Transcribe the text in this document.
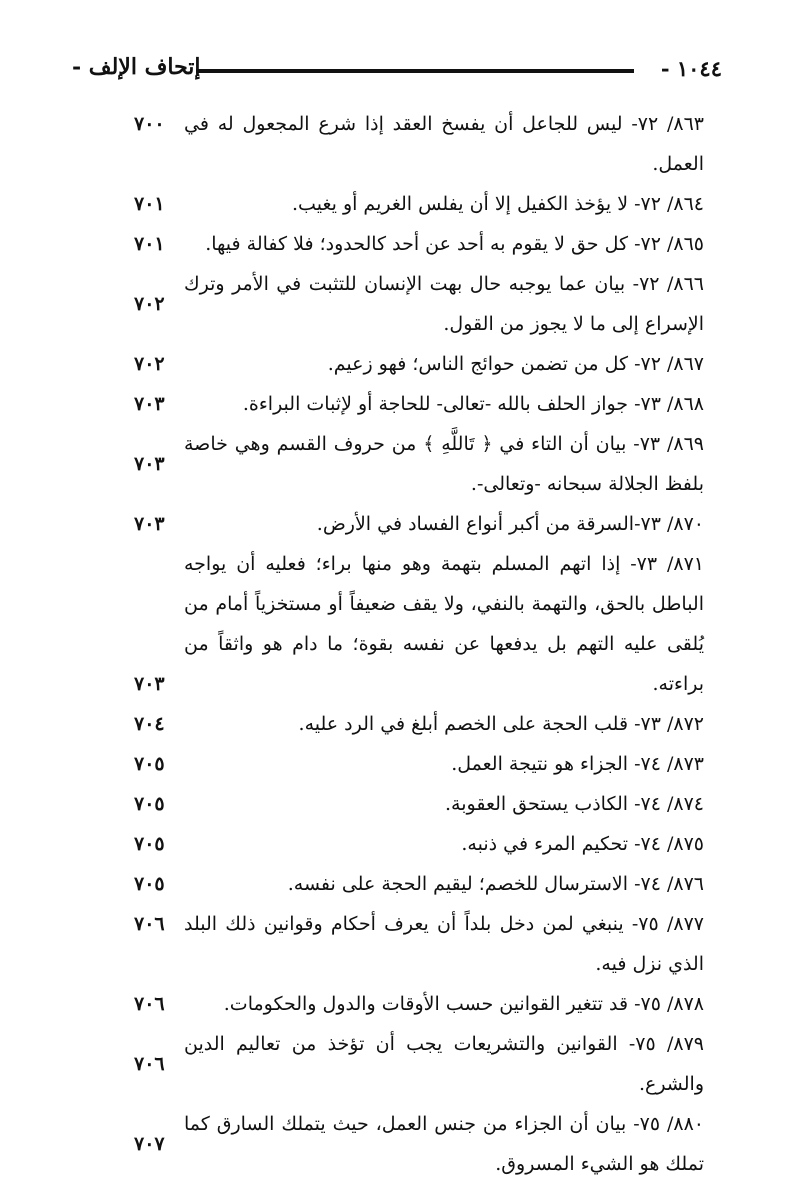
١٠٤٤ -
إتحاف الإلف -
٨٦٣/ ٧٢- ليس للجاعل أن يفسخ العقد إذا شرع المجعول له في العمل.
٧٠٠
٨٦٤/ ٧٢- لا يؤخذ الكفيل إلا أن يفلس الغريم أو يغيب.
٧٠١
٨٦٥/ ٧٢- كل حق لا يقوم به أحد عن أحد كالحدود؛ فلا كفالة فيها.
٧٠١
٨٦٦/ ٧٢- بيان عما يوجبه حال بهت الإنسان للتثبت في الأمر وترك الإسراع إلى ما لا يجوز من القول.
٧٠٢
٨٦٧/ ٧٢- كل من تضمن حوائج الناس؛ فهو زعيم.
٧٠٢
٨٦٨/ ٧٣- جواز الحلف بالله -تعالى- للحاجة أو لإثبات البراءة.
٧٠٣
٨٦٩/ ٧٣- بيان أن التاء في ﴿ تَاللَّهِ ﴾ من حروف القسم وهي خاصة بلفظ الجلالة سبحانه -وتعالى-.
٧٠٣
٨٧٠/ ٧٣-السرقة من أكبر أنواع الفساد في الأرض.
٧٠٣
٨٧١/ ٧٣- إذا اتهم المسلم بتهمة وهو منها براء؛ فعليه أن يواجه الباطل بالحق، والتهمة بالنفي، ولا يقف ضعيفاً أو مستخزياً أمام من يُلقى عليه التهم بل يدفعها عن نفسه بقوة؛ ما دام هو واثقاً من براءته.
٧٠٣
٨٧٢/ ٧٣- قلب الحجة على الخصم أبلغ في الرد عليه.
٧٠٤
٨٧٣/ ٧٤- الجزاء هو نتيجة العمل.
٧٠٥
٨٧٤/ ٧٤- الكاذب يستحق العقوبة.
٧٠٥
٨٧٥/ ٧٤- تحكيم المرء في ذنبه.
٧٠٥
٨٧٦/ ٧٤- الاسترسال للخصم؛ ليقيم الحجة على نفسه.
٧٠٥
٨٧٧/ ٧٥- ينبغي لمن دخل بلداً أن يعرف أحكام وقوانين ذلك البلد الذي نزل فيه.
٧٠٦
٨٧٨/ ٧٥- قد تتغير القوانين حسب الأوقات والدول والحكومات.
٧٠٦
٨٧٩/ ٧٥- القوانين والتشريعات يجب أن تؤخذ من تعاليم الدين والشرع.
٧٠٦
٨٨٠/ ٧٥- بيان أن الجزاء من جنس العمل، حيث يتملك السارق كما تملك هو الشيء المسروق.
٧٠٧
